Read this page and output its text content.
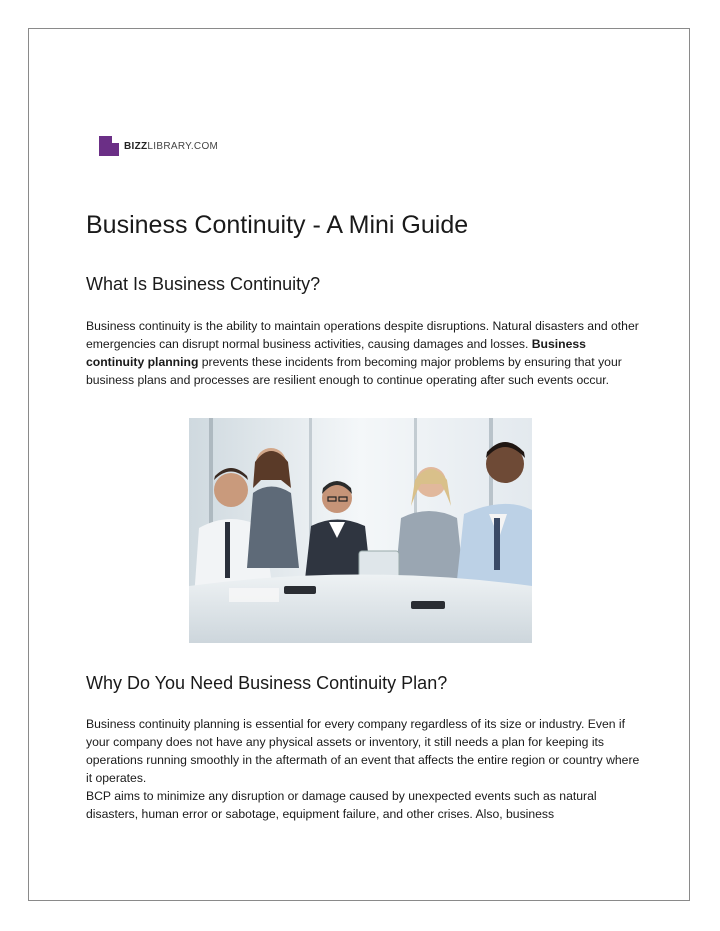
BIZZLIBRARY.COM
Business Continuity - A Mini Guide
What Is Business Continuity?

Business continuity is the ability to maintain operations despite disruptions. Natural disasters and other emergencies can disrupt normal business activities, causing damages and losses. Business continuity planning prevents these incidents from becoming major problems by ensuring that your business plans and processes are resilient enough to continue operating after such events occur.

Why Do You Need Business Continuity Plan?

Business continuity planning is essential for every company regardless of its size or industry. Even if your company does not have any physical assets or inventory, it still needs a plan for keeping its operations running smoothly in the aftermath of an event that affects the entire region or country where it operates.

BCP aims to minimize any disruption or damage caused by unexpected events such as natural disasters, human error or sabotage, equipment failure, and other crises. Also, business
